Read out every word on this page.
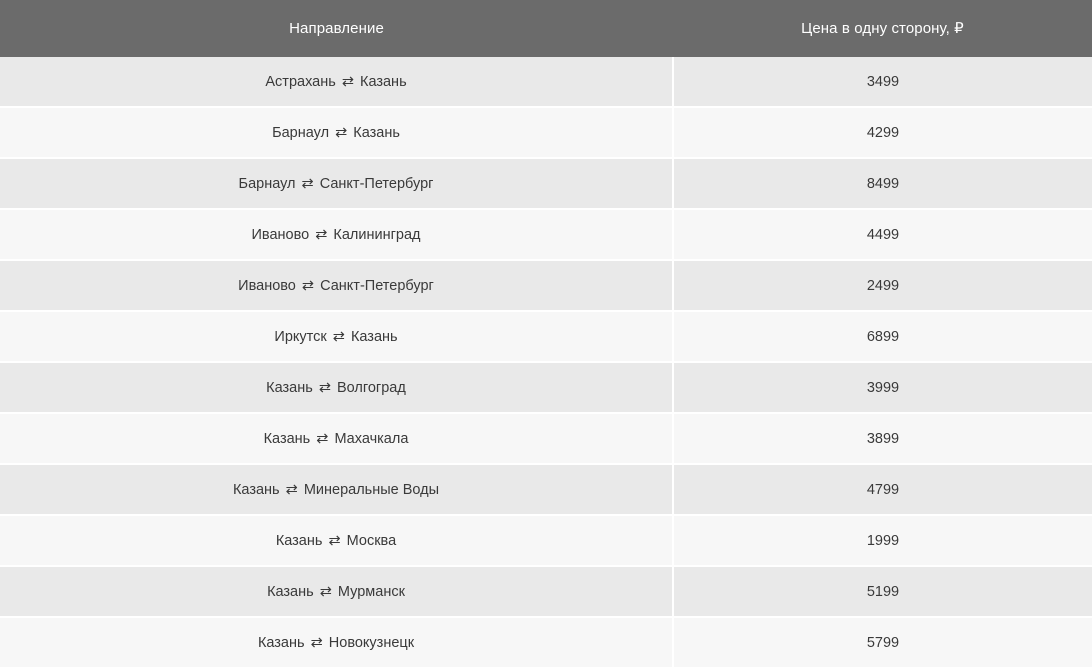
Направление	Цена в одну сторону, ₽
Астрахань ⇄ Казань	3499
Барнаул ⇄ Казань	4299
Барнаул ⇄ Санкт-Петербург	8499
Иваново ⇄ Калининград	4499
Иваново ⇄ Санкт-Петербург	2499
Иркутск ⇄ Казань	6899
Казань ⇄ Волгоград	3999
Казань ⇄ Махачкала	3899
Казань ⇄ Минеральные Воды	4799
Казань ⇄ Москва	1999
Казань ⇄ Мурманск	5199
Казань ⇄ Новокузнецк	5799
